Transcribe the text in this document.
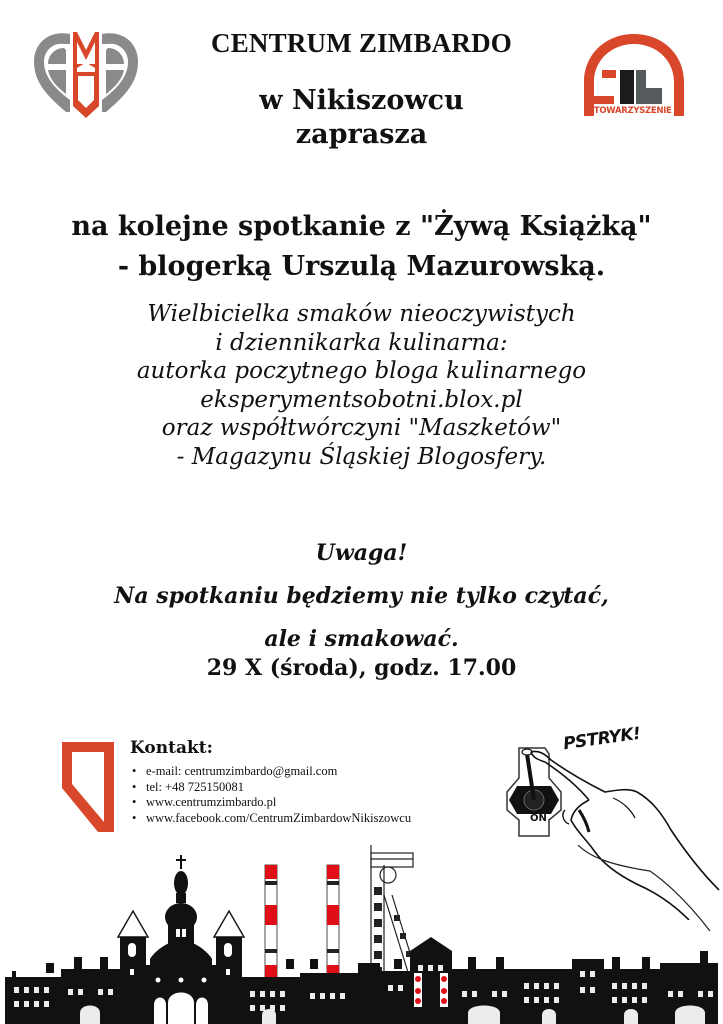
STOWARZYSZENIE
CENTRUM ZIMBARDO
w Nikiszowcu
zaprasza
na kolejne spotkanie z "Żywą Książką"
- blogerką Urszulą Mazurowską.
Wielbicielka smaków nieoczywistych
i dziennikarka kulinarna:
autorka poczytnego bloga kulinarnego
eksperymentsobotni.blox.pl
oraz współtwórczyni "Maszketów"
- Magazynu Śląskiej Blogosfery.
Uwaga!
Na spotkaniu będziemy nie tylko czytać,
ale i smakować.
29 X (środa), godz. 17.00
Kontakt:
• e-mail: centrumzimbardo@gmail.com
• tel: +48 725150081
• www.centrumzimbardo.pl
• www.facebook.com/CentrumZimbardowNikiszowcu
PSTRYK!
ON
